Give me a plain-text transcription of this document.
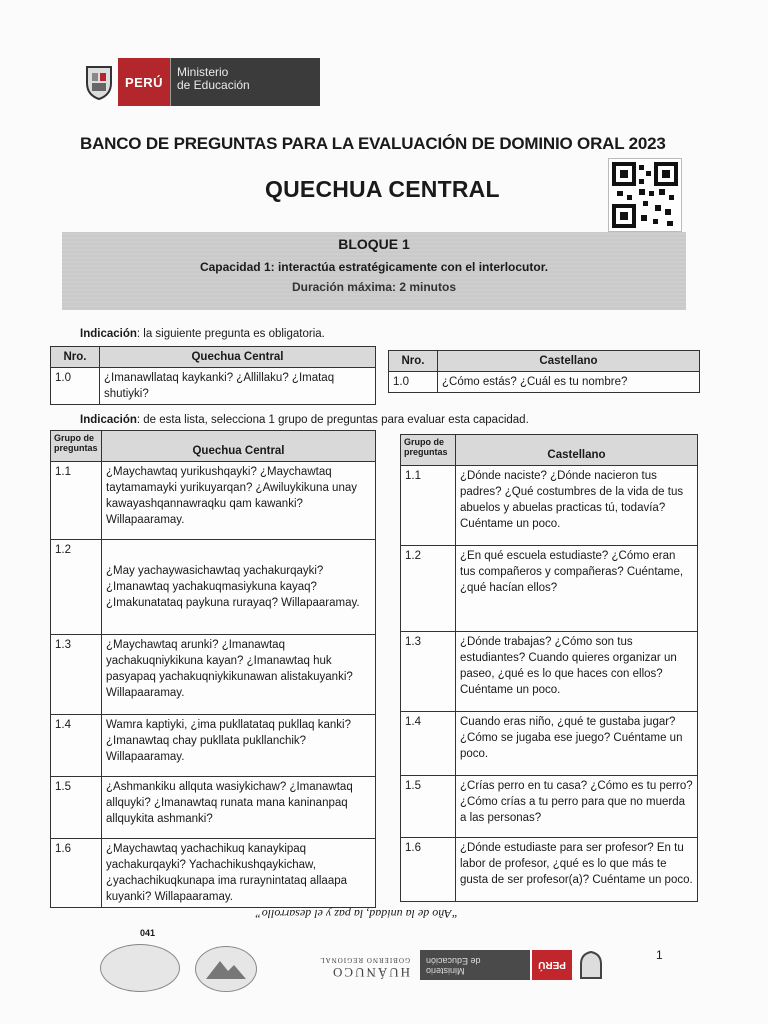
PERÚ
Ministerio
de Educación
BANCO DE PREGUNTAS PARA LA EVALUACIÓN DE DOMINIO ORAL 2023
QUECHUA CENTRAL
BLOQUE 1
Capacidad 1: interactúa estratégicamente con el interlocutor.
Duración máxima: 2 minutos
Indicación: la siguiente pregunta es obligatoria.
Nro.	Quechua Central
1.0	¿Imanawllataq kaykanki? ¿Allillaku? ¿Imataq shutiyki?
Nro.	Castellano
1.0	¿Cómo estás? ¿Cuál es tu nombre?
Indicación: de esta lista, selecciona 1 grupo de preguntas para evaluar esta capacidad.
Grupo de preguntas	Quechua Central
1.1	¿Maychawtaq yurikushqayki? ¿Maychawtaq taytamamayki yurikuyarqan? ¿Awiluykikuna unay kawayashqannawraqku qam kawanki? Willapaaramay.
1.2	¿May yachaywasichawtaq yachakurqayki? ¿Imanawtaq yachakuqmasiykuna kayaq? ¿Imakunatataq paykuna rurayaq? Willapaaramay.
1.3	¿Maychawtaq arunki? ¿Imanawtaq yachakuqniykikuna kayan? ¿Imanawtaq huk pasyapaq yachakuqniykikunawan alistakuyanki? Willapaaramay.
1.4	Wamra kaptiyki, ¿ima pukllatataq pukllaq kanki? ¿Imanawtaq chay pukllata pukllanchik? Willapaaramay.
1.5	¿Ashmankiku allquta wasiykichaw? ¿Imanawtaq allquyki? ¿Imanawtaq runata mana kaninanpaq allquykita ashmanki?
1.6	¿Maychawtaq yachachikuq kanaykipaq yachakurqayki? Yachachikushqaykichaw, ¿yachachikuqkunapa ima ruraynintataq allaapa kuyanki? Willapaaramay.
Grupo de preguntas	Castellano
1.1	¿Dónde naciste? ¿Dónde nacieron tus padres? ¿Qué costumbres de la vida de tus abuelos y abuelas practicas tú, todavía? Cuéntame un poco.
1.2	¿En qué escuela estudiaste? ¿Cómo eran tus compañeros y compañeras? Cuéntame, ¿qué hacían ellos?
1.3	¿Dónde trabajas? ¿Cómo son tus estudiantes? Cuando quieres organizar un paseo, ¿qué es lo que haces con ellos? Cuéntame un poco.
1.4	Cuando eras niño, ¿qué te gustaba jugar? ¿Cómo se jugaba ese juego? Cuéntame un poco.
1.5	¿Crías perro en tu casa? ¿Cómo es tu perro? ¿Cómo crías a tu perro para que no muerda a las personas?
1.6	¿Dónde estudiaste para ser profesor? En tu labor de profesor, ¿qué es lo que más te gusta de ser profesor(a)? Cuéntame un poco.
“Año de la unidad, la paz y el desarrollo”
041
1
HUÁNUCO
GOBIERNO REGIONAL
Ministerio
de Educación	PERÚ
